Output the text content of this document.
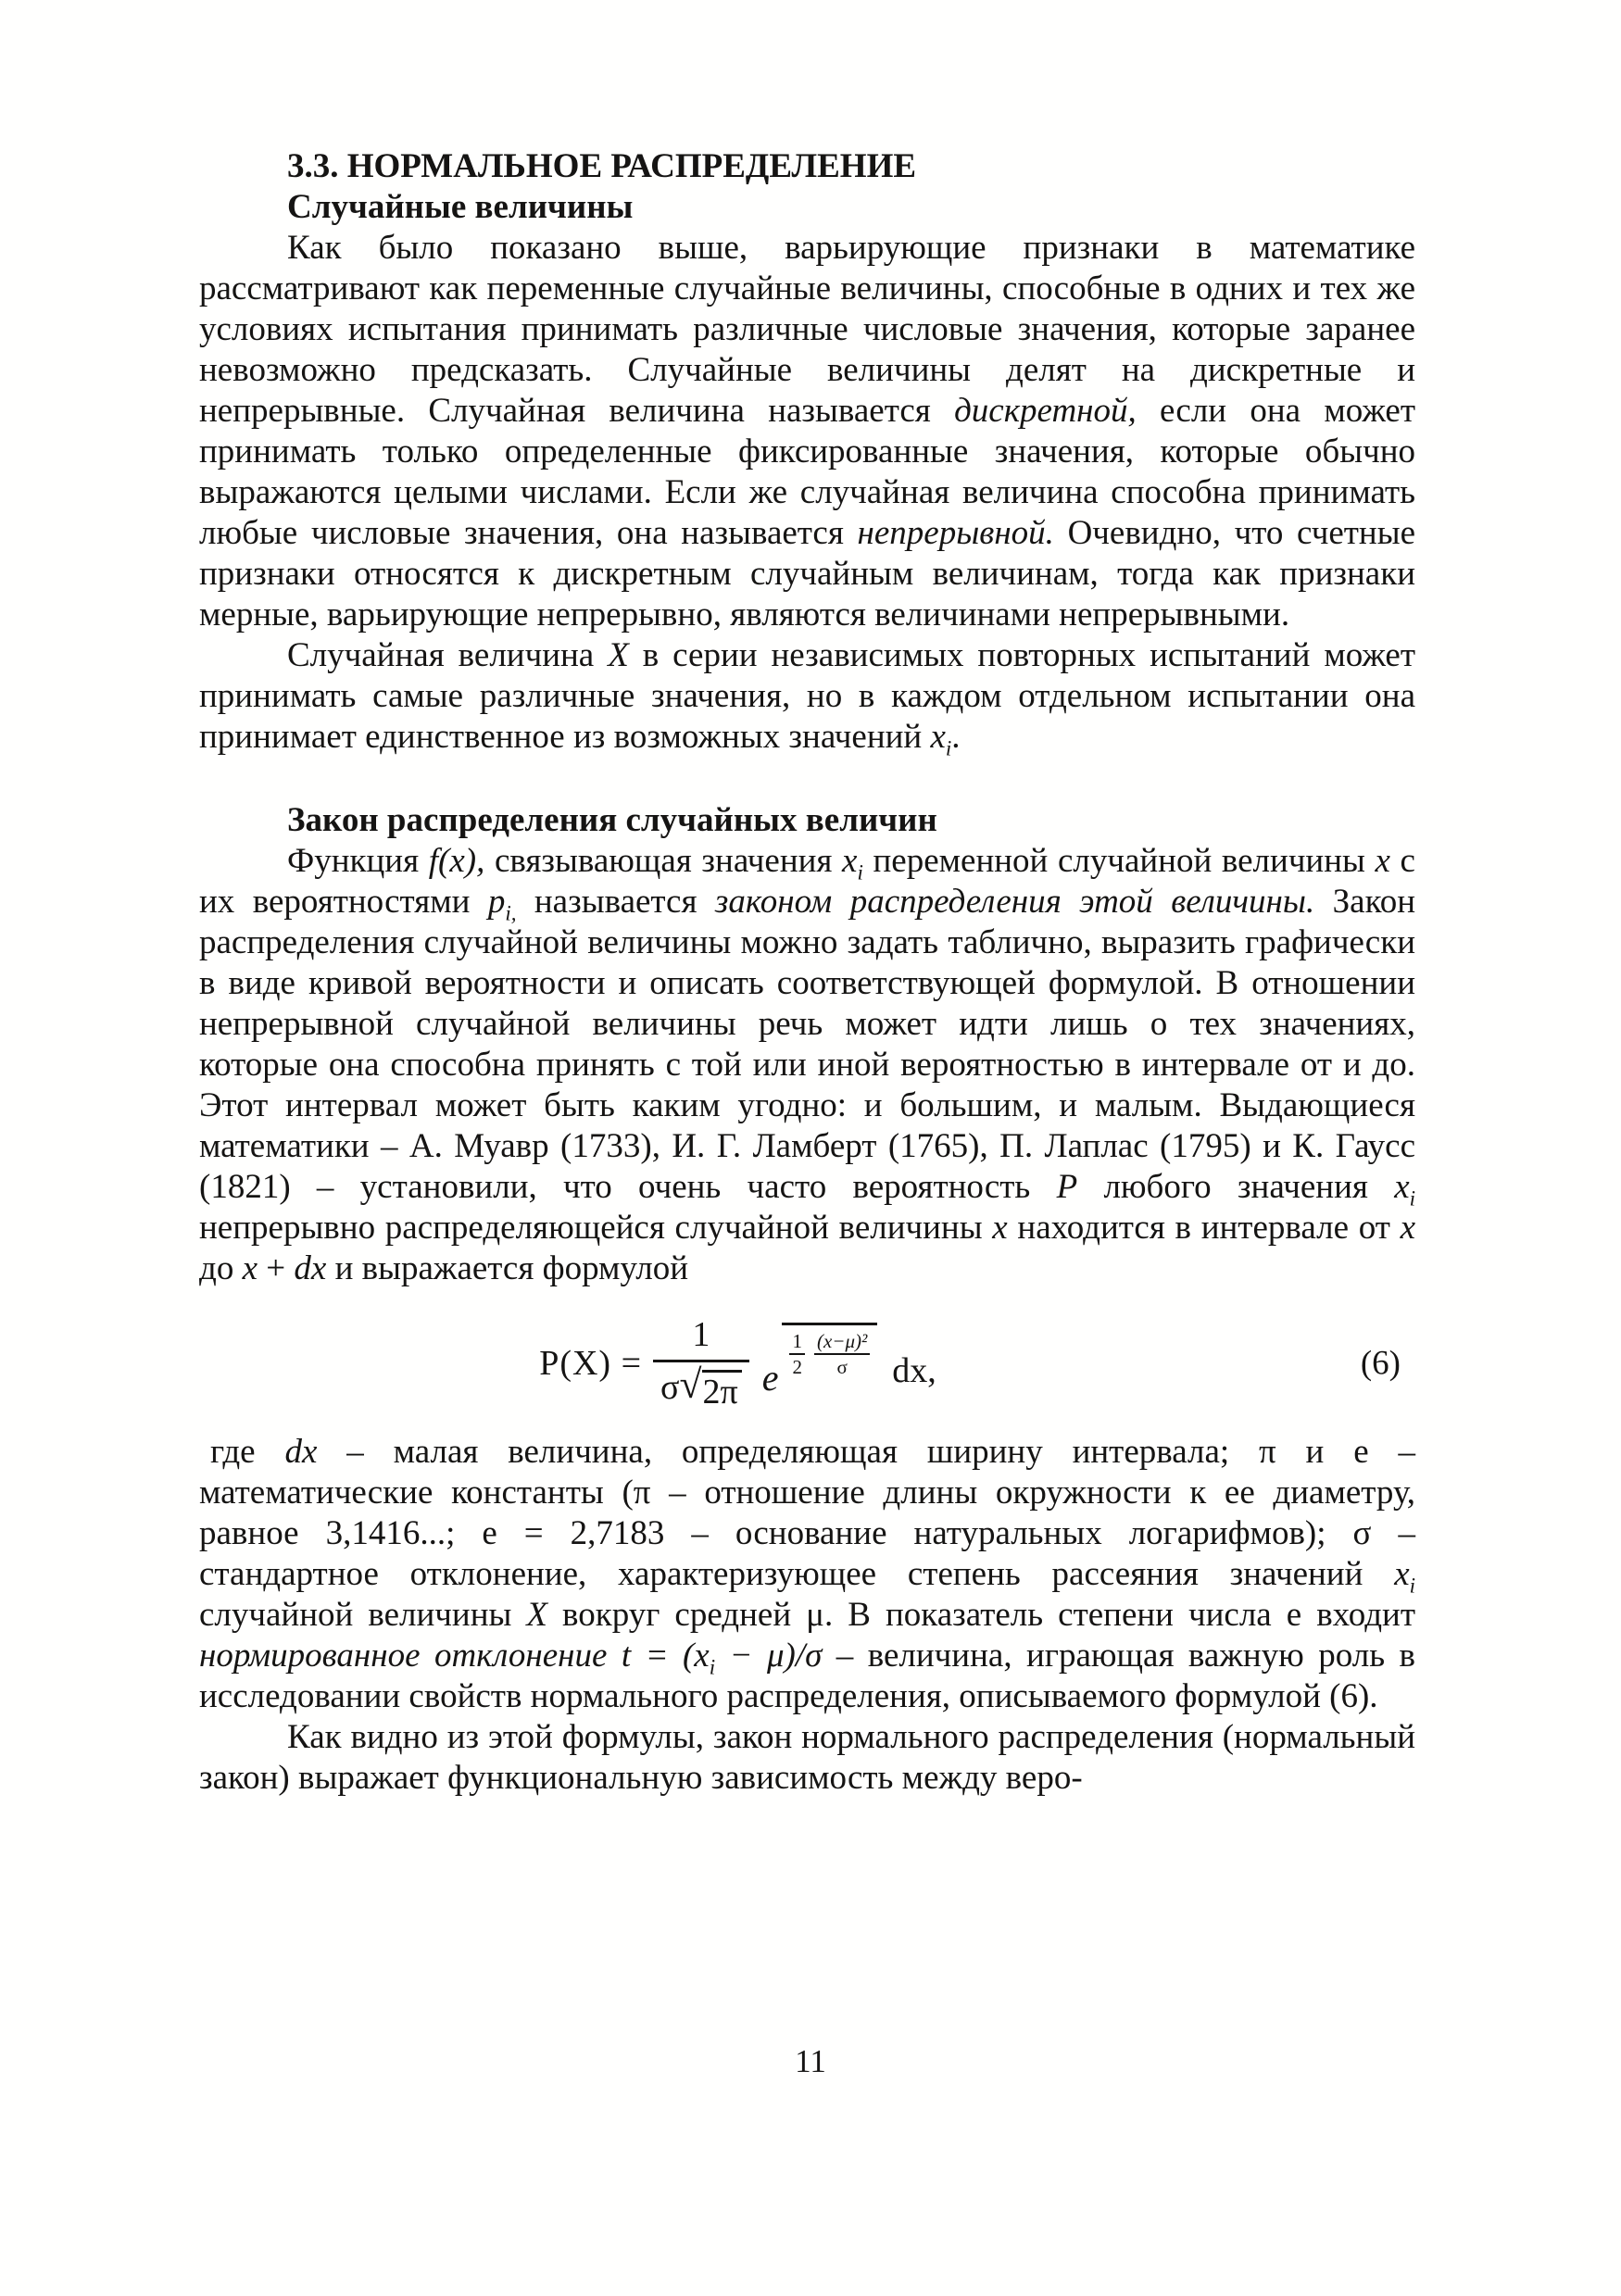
3.3. НОРМАЛЬНОЕ РАСПРЕДЕЛЕНИЕ
Случайные величины

Как было показано выше, варьирующие признаки в математике рассматривают как переменные случайные величины, способные в одних и тех же условиях испытания принимать различные числовые значения, которые заранее невозможно предсказать. Случайные величины делят на дискретные и непрерывные. Случайная величина называется дискретной, если она может принимать только определенные фиксированные значения, которые обычно выражаются целыми числами. Если же случайная величина способна принимать любые числовые значения, она называется непрерывной. Очевидно, что счетные признаки относятся к дискретным случайным величинам, тогда как признаки мерные, варьирующие непрерывно, являются величинами непрерывными.

Случайная величина X в серии независимых повторных испытаний может принимать самые различные значения, но в каждом отдельном испытании она принимает единственное из возможных значений $x_i$.

Закон распределения случайных величин

Функция f(x), связывающая значения $x_i$ переменной случайной величины x с их вероятностями $p_{i,}$ называется законом распределения этой величины. Закон распределения случайной величины можно задать таблично, выразить графически в виде кривой вероятности и описать соответствующей формулой. В отношении непрерывной случайной величины речь может идти лишь о тех значениях, которые она способна принять с той или иной вероятностью в интервале от и до. Этот интервал может быть каким угодно: и большим, и малым. Выдающиеся математики – А. Муавр (1733), И. Г. Ламберт (1765), П. Лаплас (1795) и К. Гаусс (1821) – установили, что очень часто вероятность P любого значения $x_i$ непрерывно распределяющейся случайной величины x находится в интервале от x до x + dx и выражается формулой

$P(X) = \frac{1}{\sigma √ 2\pi}$ e $\frac{1}{2} \frac{\text{(x−μ)²}}{\sigma}$ dx,	(6)

где dx – малая величина, определяющая ширину интервала; π и e – математические константы (π – отношение длины окружности к ее диаметру, равное 3,1416...; e = 2,7183 – основание натуральных логарифмов); σ – стандартное отклонение, характеризующее степень рассеяния значений $x_i$ случайной величины X вокруг средней μ. В показатель степени числа e входит нормированное отклонение $t = (x_i - \mu)/\sigma$ – величина, играющая важную роль в исследовании свойств нормального распределения, описываемого формулой (6).

Как видно из этой формулы, закон нормального распределения (нормальный закон) выражает функциональную зависимость между веро-

11
